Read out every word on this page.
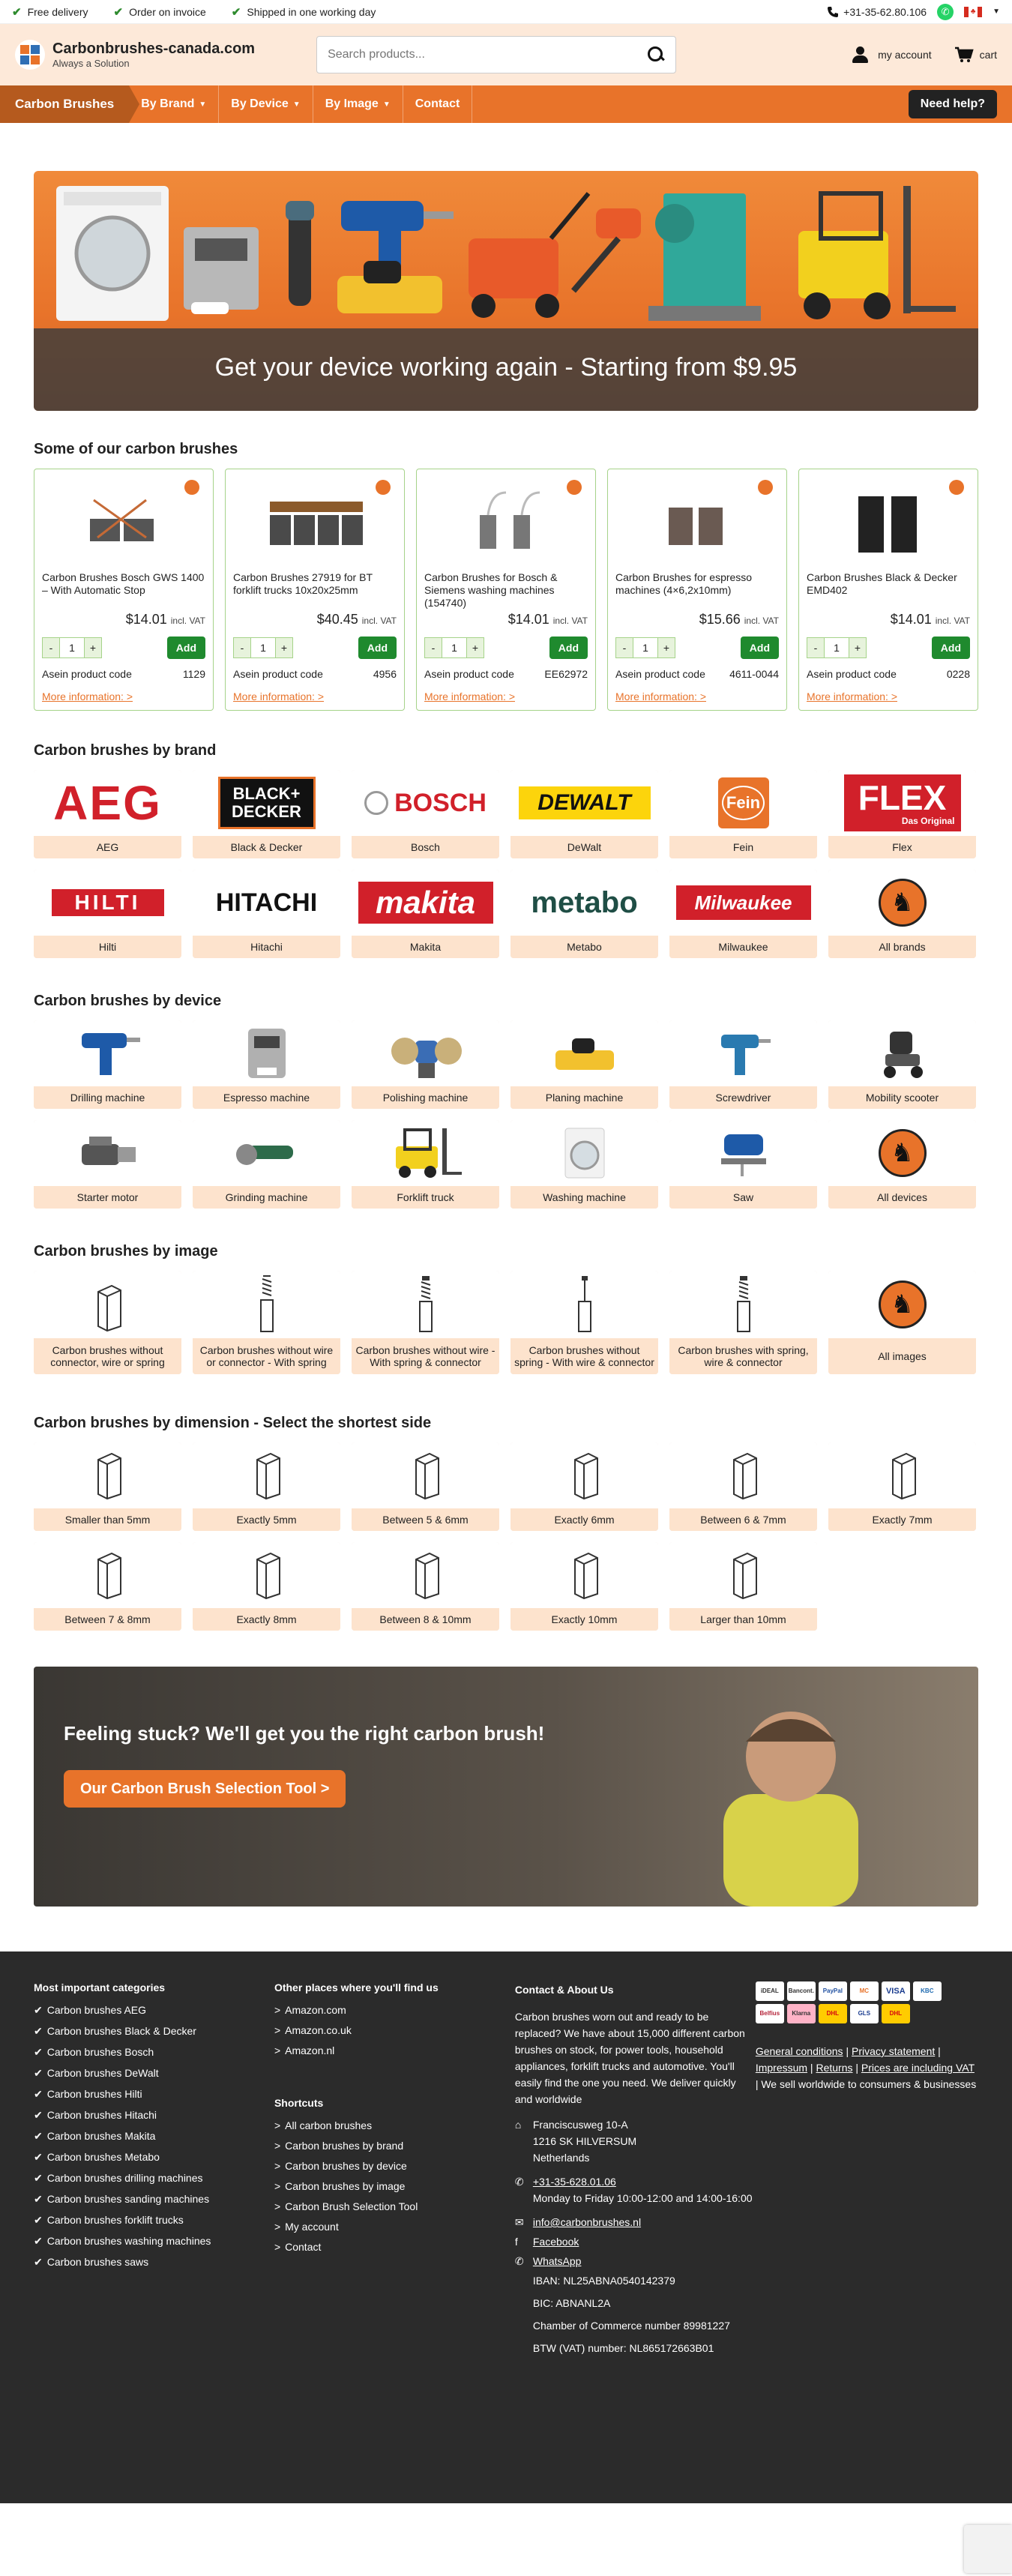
✔ Free delivery ✔ Order on invoice ✔ Shipped in one working day	+31-35-62.80.106	✆	♣ ▼
Carbonbrushes-canada.com
Always a Solution
Search products...
my account	cart
Carbon Brushes	By Brand ▼ By Device ▼ By Image ▼ Contact	Need help?
Get your device working again - Starting from $9.95
Some of our carbon brushes
Carbon Brushes Bosch GWS 1400 – With Automatic Stop
$14.01 incl. VAT
-	1	+	Add
Asein product code	1129
More information: >
Carbon Brushes 27919 for BT forklift trucks 10x20x25mm
$40.45 incl. VAT
-	1	+	Add
Asein product code	4956
More information: >
Carbon Brushes for Bosch & Siemens washing machines (154740)
$14.01 incl. VAT
-	1	+	Add
Asein product code	EE62972
More information: >
Carbon Brushes for espresso machines (4×6,2x10mm)
$15.66 incl. VAT
-	1	+	Add
Asein product code 4611-0044
More information: >
Carbon Brushes Black & Decker EMD402
$14.01 incl. VAT
-	1	+	Add
Asein product code	0228
More information: >
Carbon brushes by brand
AEG
AEG
BLACK+
DECKER
Black & Decker
BOSCH
Bosch
DEWALT
DeWalt
Fein
Fein
FLEX
Das Original
Flex
HILTI
Hilti
HITACHI
Hitachi
makita
Makita
metabo
Metabo
Milwaukee
Milwaukee
♞
All brands
Carbon brushes by device
Drilling machine	Espresso machine	Polishing machine	Planing machine	Screwdriver	Mobility scooter
Starter motor	Grinding machine	Forklift truck	Washing machine	Saw
♞
All devices
Carbon brushes by image
Carbon brushes without connector, wire or spring
Carbon brushes without wire or connector - With spring
Carbon brushes without wire - With spring & connector
Carbon brushes without spring - With wire & connector
Carbon brushes with spring, wire & connector
♞
All images
Carbon brushes by dimension - Select the shortest side
Smaller than 5mm	Exactly 5mm	Between 5 & 6mm	Exactly 6mm	Between 6 & 7mm	Exactly 7mm
Between 7 & 8mm	Exactly 8mm	Between 8 & 10mm	Exactly 10mm	Larger than 10mm
Feeling stuck? We'll get you the right carbon brush!
Our Carbon Brush Selection Tool >
Most important categories
✔ Carbon brushes AEG
✔ Carbon brushes Black & Decker
✔ Carbon brushes Bosch
✔ Carbon brushes DeWalt
✔ Carbon brushes Hilti
✔ Carbon brushes Hitachi
✔ Carbon brushes Makita
✔ Carbon brushes Metabo
✔ Carbon brushes drilling machines
✔ Carbon brushes sanding machines
✔ Carbon brushes forklift trucks
✔ Carbon brushes washing machines
✔ Carbon brushes saws
Other places where you'll find us
> Amazon.com
> Amazon.co.uk
> Amazon.nl
Shortcuts
> All carbon brushes
> Carbon brushes by brand
> Carbon brushes by device
> Carbon brushes by image
> Carbon Brush Selection Tool
> My account
> Contact
Contact & About Us

Carbon brushes worn out and ready to be replaced? We have about 15,000 different carbon brushes on stock, for power tools, household appliances, forklift trucks and automotive. You'll easily find the one you need. We deliver quickly and worldwide

⌂	Franciscusweg 10-A
1216 SK HILVERSUM
Netherlands
✆ +31-35-628.01.06
Monday to Friday 10:00-12:00 and 14:00-16:00
✉ info@carbonbrushes.nl
f	Facebook
✆ WhatsApp
IBAN: NL25ABNA0540142379
BIC: ABNANL2A
Chamber of Commerce number 89981227
BTW (VAT) number: NL865172663B01
iDEAL	Bancont.	PayPal	MC	VISA	KBC
Belfius	Klarna	DHL	GLS	DHL

General conditions | Privacy statement | Impressum | Returns | Prices are including VAT | We sell worldwide to consumers & businesses
